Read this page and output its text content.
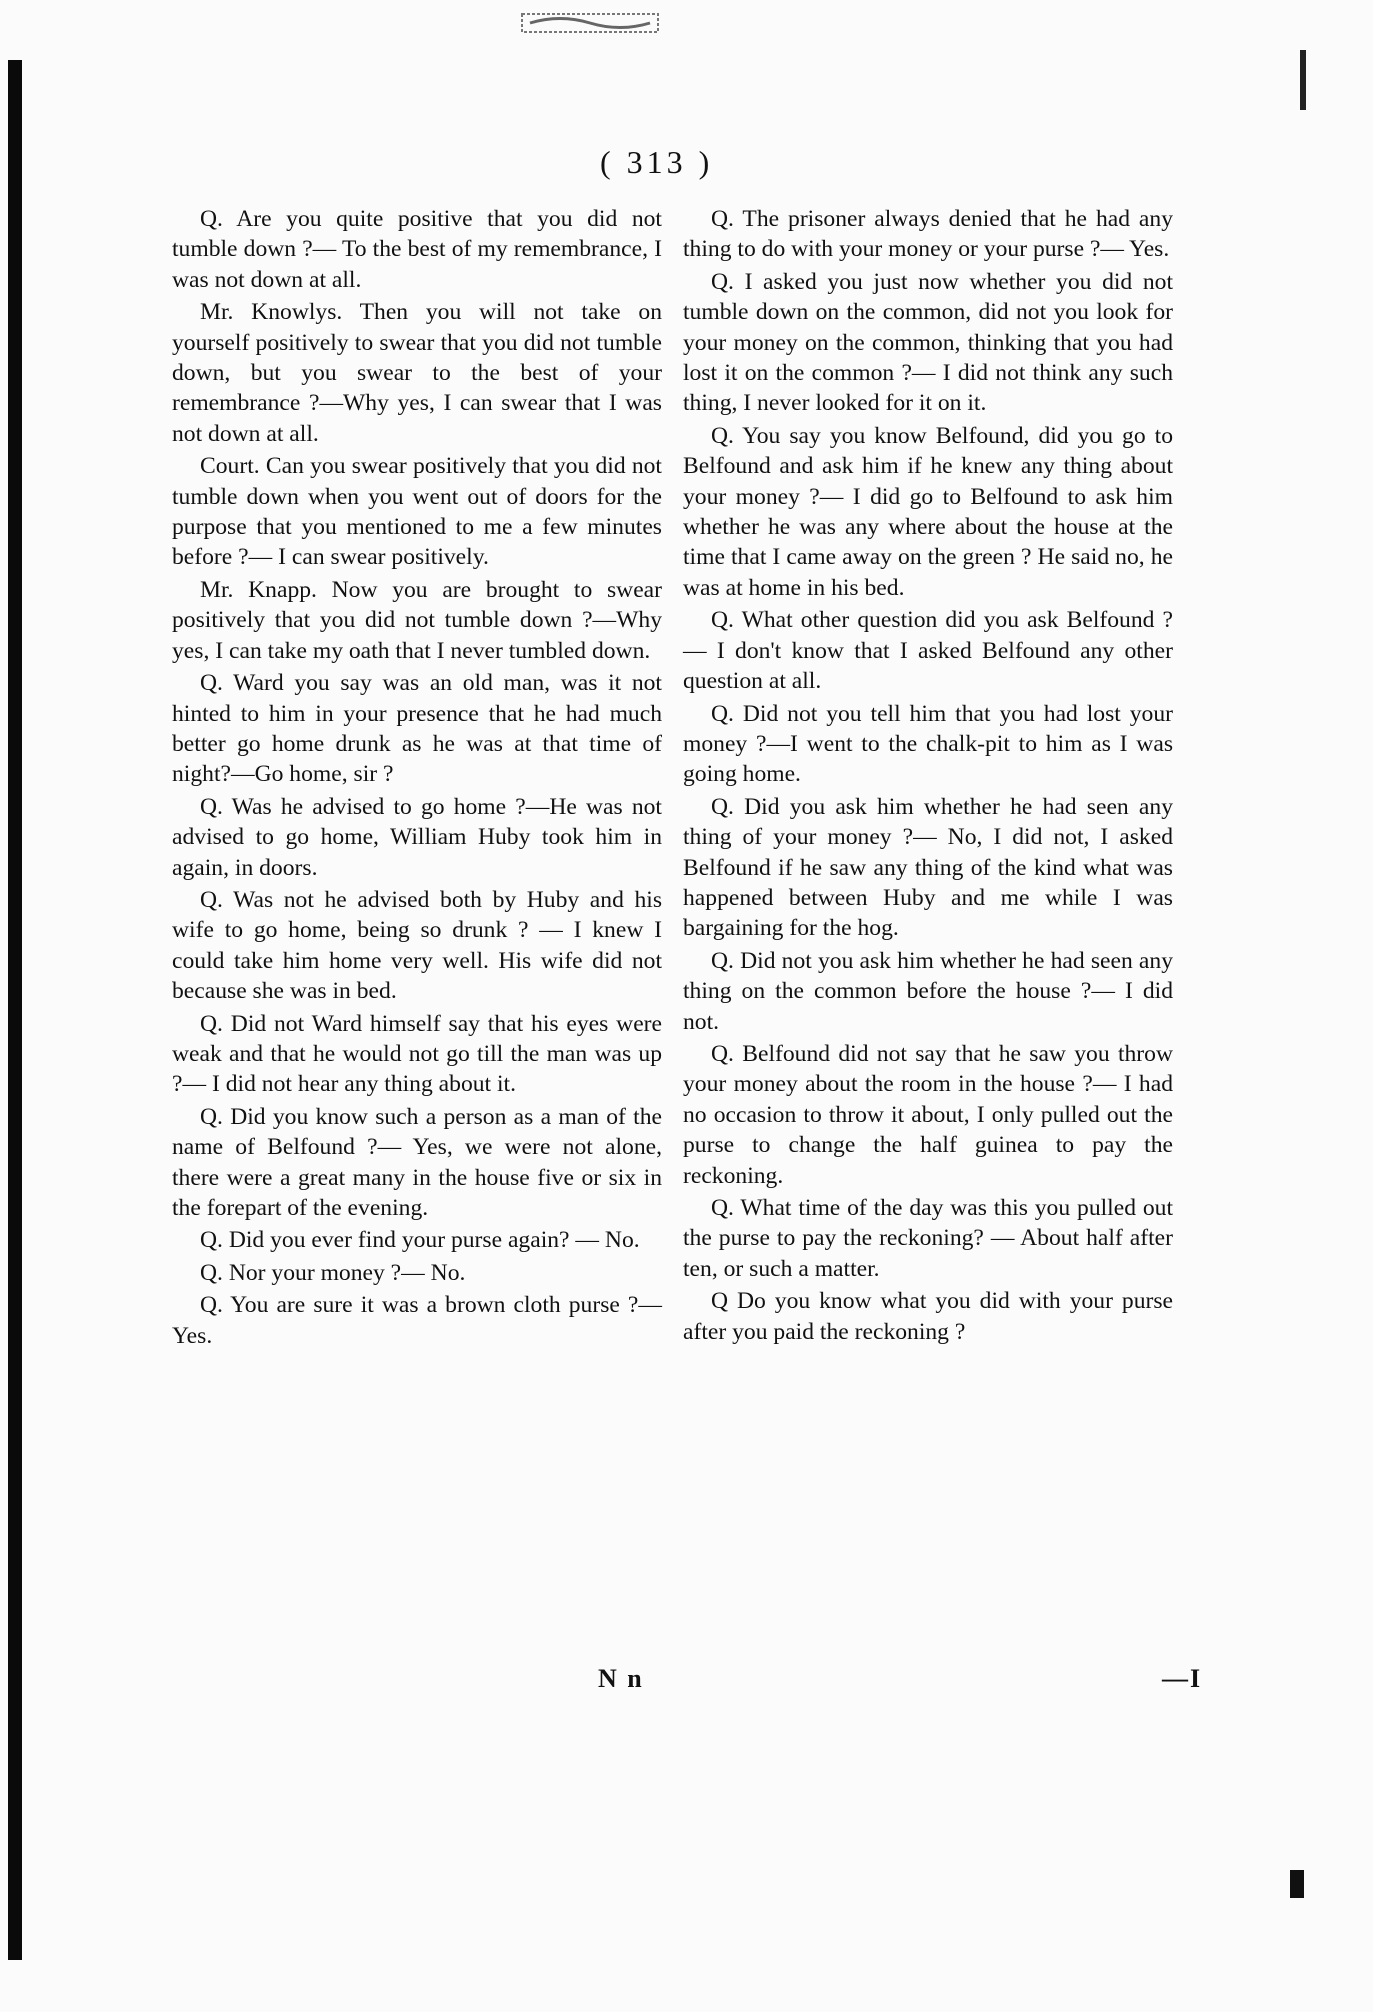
( 313 )

Q. Are you quite positive that you did not tumble down ?— To the best of my remembrance, I was not down at all.

Mr. Knowlys. Then you will not take on yourself positively to swear that you did not tumble down, but you swear to the best of your remembrance ?—Why yes, I can swear that I was not down at all.

Court. Can you swear positively that you did not tumble down when you went out of doors for the purpose that you mentioned to me a few minutes before ?— I can swear positively.

Mr. Knapp. Now you are brought to swear positively that you did not tumble down ?—Why yes, I can take my oath that I never tumbled down.

Q. Ward you say was an old man, was it not hinted to him in your presence that he had much better go home drunk as he was at that time of night?—Go home, sir ?

Q. Was he advised to go home ?—He was not advised to go home, William Huby took him in again, in doors.

Q. Was not he advised both by Huby and his wife to go home, being so drunk ? — I knew I could take him home very well. His wife did not because she was in bed.

Q. Did not Ward himself say that his eyes were weak and that he would not go till the man was up ?— I did not hear any thing about it.

Q. Did you know such a person as a man of the name of Belfound ?— Yes, we were not alone, there were a great many in the house five or six in the forepart of the evening.

Q. Did you ever find your purse again? — No.

Q. Nor your money ?— No.

Q. You are sure it was a brown cloth purse ?— Yes.

Q. The prisoner always denied that he had any thing to do with your money or your purse ?— Yes.

Q. I asked you just now whether you did not tumble down on the common, did not you look for your money on the common, thinking that you had lost it on the common ?— I did not think any such thing, I never looked for it on it.

Q. You say you know Belfound, did you go to Belfound and ask him if he knew any thing about your money ?— I did go to Belfound to ask him whether he was any where about the house at the time that I came away on the green ? He said no, he was at home in his bed.

Q. What other question did you ask Belfound ?— I don't know that I asked Belfound any other question at all.

Q. Did not you tell him that you had lost your money ?—I went to the chalk-pit to him as I was going home.

Q. Did you ask him whether he had seen any thing of your money ?— No, I did not, I asked Belfound if he saw any thing of the kind what was happened between Huby and me while I was bargaining for the hog.

Q. Did not you ask him whether he had seen any thing on the common before the house ?— I did not.

Q. Belfound did not say that he saw you throw your money about the room in the house ?— I had no occasion to throw it about, I only pulled out the purse to change the half guinea to pay the reckoning.

Q. What time of the day was this you pulled out the purse to pay the reckoning? — About half after ten, or such a matter.

Q Do you know what you did with your purse after you paid the reckoning ?

N n	—I
